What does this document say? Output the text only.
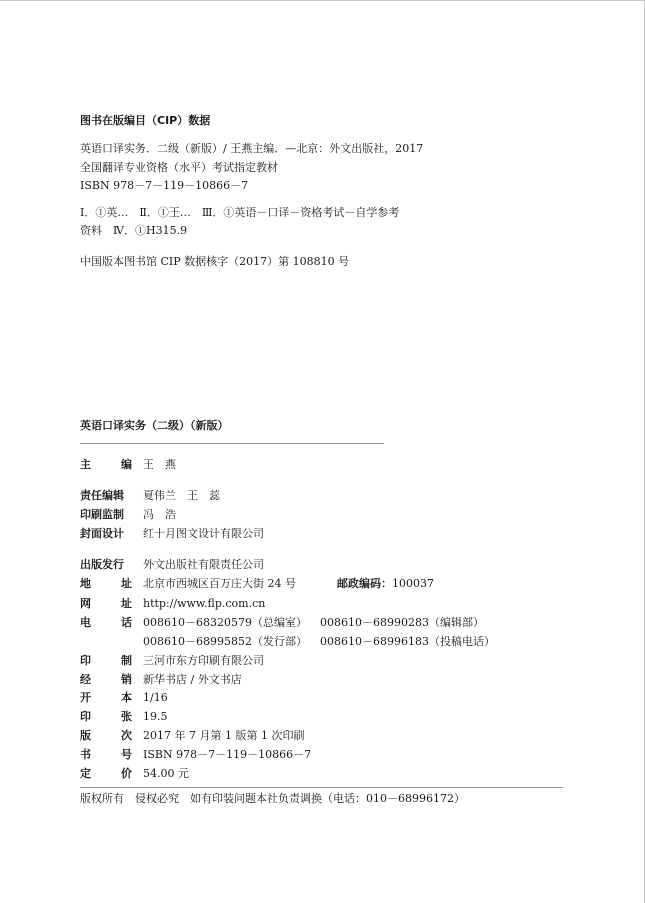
图书在版编目（CIP）数据
英语口译实务．二级（新版）/ 王燕主编．—北京：外文出版社，2017
全国翻译专业资格（水平）考试指定教材
ISBN 978－7－119－10866－7
Ⅰ．①英…　Ⅱ．①王…　Ⅲ．①英语－口译－资格考试－自学参考
资料　Ⅳ．①H315.9
中国版本图书馆 CIP 数据核字（2017）第 108810 号
英语口译实务（二级）（新版）
主	编 王　燕
责任编辑	夏伟兰　王　蕊
印刷监制	冯　浩
封面设计	红十月图文设计有限公司
出版发行	外文出版社有限责任公司
地	址 北京市西城区百万庄大街 24 号	邮政编码：100037
网	址 http://www.flp.com.cn
电	话 008610－68320579（总编室） 008610－68990283（编辑部）
008610－68995852（发行部） 008610－68996183（投稿电话）
印	制 三河市东方印刷有限公司
经	销 新华书店 / 外文书店
开	本 1/16
印	张 19.5
版	次 2017 年 7 月第 1 版第 1 次印刷
书	号 ISBN 978－7－119－10866－7
定	价 54.00 元
版权所有　侵权必究　如有印装问题本社负责调换（电话：010－68996172）
